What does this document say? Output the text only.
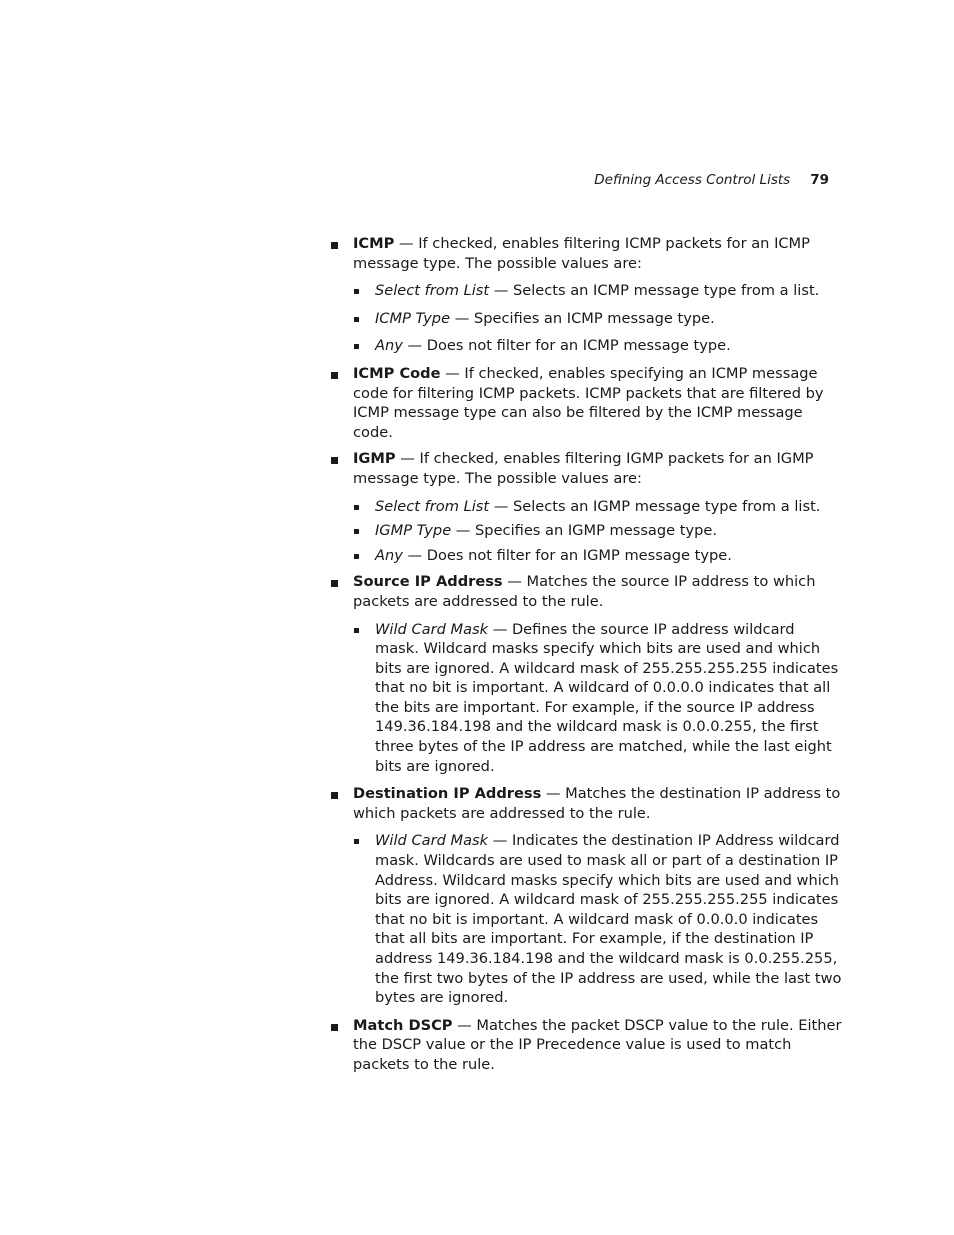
Defining Access Control Lists 79
ICMP — If checked, enables filtering ICMP packets for an ICMP message type. The possible values are:
Select from List — Selects an ICMP message type from a list.
ICMP Type — Specifies an ICMP message type.
Any — Does not filter for an ICMP message type.
ICMP Code — If checked, enables specifying an ICMP message code for filtering ICMP packets. ICMP packets that are filtered by ICMP message type can also be filtered by the ICMP message code.
IGMP — If checked, enables filtering IGMP packets for an IGMP message type. The possible values are:
Select from List — Selects an IGMP message type from a list.
IGMP Type — Specifies an IGMP message type.
Any — Does not filter for an IGMP message type.
Source IP Address — Matches the source IP address to which packets are addressed to the rule.
Wild Card Mask — Defines the source IP address wildcard mask. Wildcard masks specify which bits are used and which bits are ignored. A wildcard mask of 255.255.255.255 indicates that no bit is important. A wildcard of 0.0.0.0 indicates that all the bits are important. For example, if the source IP address 149.36.184.198 and the wildcard mask is 0.0.0.255, the first three bytes of the IP address are matched, while the last eight bits are ignored.
Destination IP Address — Matches the destination IP address to which packets are addressed to the rule.
Wild Card Mask — Indicates the destination IP Address wildcard mask. Wildcards are used to mask all or part of a destination IP Address. Wildcard masks specify which bits are used and which bits are ignored. A wildcard mask of 255.255.255.255 indicates that no bit is important. A wildcard mask of 0.0.0.0 indicates that all bits are important. For example, if the destination IP address 149.36.184.198 and the wildcard mask is 0.0.255.255, the first two bytes of the IP address are used, while the last two bytes are ignored.
Match DSCP — Matches the packet DSCP value to the rule. Either the DSCP value or the IP Precedence value is used to match packets to the rule.
